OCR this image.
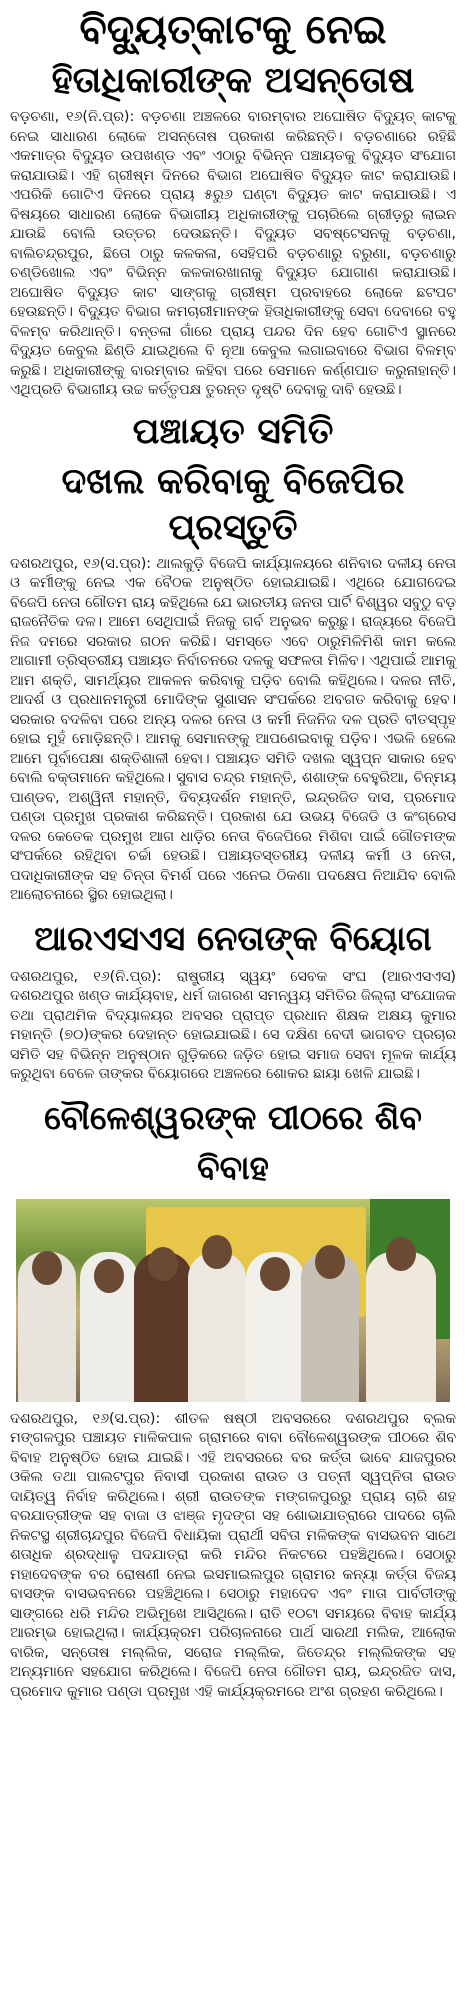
ବିଦ୍ୟୁତ୍‌କାଟକୁ ନେଇ
ହିତାଧିକାରୀଙ୍କ ଅସନ୍ତୋଷ

ବଡ଼ଚଣା, ୧୬(ନି.ପ୍ର): ବଡ଼ଚଣା ଅଞ୍ଚଳରେ ବାରମ୍ବାର ଅଘୋଷିତ ବିଦ୍ୟୁତ୍ କାଟକୁ ନେଇ ସାଧାରଣ ଲୋକେ ଅସନ୍ତୋଷ ପ୍ରକାଶ କରିଛନ୍ତି। ବଡ଼ଚଣାରେ ରହିଛି ଏକମାତ୍ର ବିଦ୍ୟୁତ ଉପଖଣ୍ଡ ଏବଂ ଏଠାରୁ ବିଭିନ୍ନ ପଞ୍ଚାୟତକୁ ବିଦ୍ୟୁତ ସଂଯୋଗ କରାଯାଉଛି। ଏହି ଗ୍ରୀଷ୍ମ ଦିନରେ ବିଭାଗ ଅଘୋଷିତ ବିଦ୍ୟୁତ କାଟ କରାଯାଉଛି। ଏପରିକି ଗୋଟିଏ ଦିନରେ ପ୍ରାୟ ୫ରୁ୬ ଘଣ୍ଟା ବିଦ୍ୟୁତ କାଟ କରାଯାଉଛି। ଏ ବିଷୟରେ ସାଧାରଣ ଲୋକେ ବିଭାଗୀୟ ଅଧିକାରୀଙ୍କୁ ପଚାରିଲେ ଗ୍ରୀଡ଼ରୁ ଲାଇନ ଯାଉଛି ବୋଲି ଉତ୍ତର ଦେଉଛନ୍ତି। ବିଦ୍ୟୁତ ସବଷ୍ଟେସନକୁ ବଡ଼ଚଣା, ବାଲିଚନ୍ଦ୍ରପୁର, ଛିତୋ ଠାରୁ କଳକଳା, ସେହିପରି ବଡ଼ଚଣାରୁ ବରୁଣା, ବଡ଼ଚଣାରୁ ଚଣ୍ଡିଖୋଲ ଏବଂ ବିଭିନ୍ନ କଳକାରଖାନାକୁ ବିଦ୍ୟୁତ ଯୋଗାଣ କରାଯାଉଛି। ଅଘୋଷିତ ବିଦ୍ୟୁତ କାଟ ସାଙ୍ଗକୁ ଗ୍ରୀଷ୍ମ ପ୍ରବାହରେ ଲୋକେ ଛଟପଟ ହେଉଛନ୍ତି। ବିଦ୍ୟୁତ ବିଭାଗ କମଚାରୀମାନଙ୍କ ହିତାଧିକାରୀଙ୍କୁ ସେବା ଦେବାରେ ବହୁ ବିଳମ୍ବ କରିଥାନ୍ତି। ବନ୍ତଳା ଗାଁରେ ପ୍ରାୟ ପନ୍ଦର ଦିନ ହେବ ଗୋଟିଏ ସ୍ଥାନରେ ବିଦ୍ୟୁତ କେବୁଲ ଛିଣ୍ଡି ଯାଇଥିଲେ ବି ନୂଆ କେବୁଲ ଲଗାଇବାରେ ବିଭାଗ ବିଳମ୍ବ କରୁଛି। ଅଧିକାରୀଙ୍କୁ ବାରମ୍ବାର କହିବା ପରେ ସେମାନେ କର୍ଣ୍ଣପାତ କରୁନାହାନ୍ତି। ଏଥିପ୍ରତି ବିଭାଗୀୟ ଉଚ୍ଚ କର୍ତ୍ତୃପକ୍ଷ ତୁରନ୍ତ ଦୃଷ୍ଟି ଦେବାକୁ ଦାବି ହେଉଛି।

ପଞ୍ଚାୟତ ସମିତି
ଦଖଲ କରିବାକୁ ବିଜେପିର ପ୍ରସ୍ତୁତି

ଦଶରଥପୁର, ୧୬(ସ.ପ୍ର): ଥାଲକୁଡ଼ି ବିଜେପି କାର୍ଯ୍ୟାଳୟରେ ଶନିବାର ଦଳୀୟ ନେତା ଓ କର୍ମୀଙ୍କୁ ନେଇ ଏକ ବୈଠକ ଅନୁଷ୍ଠିତ ହୋଇଯାଇଛି। ଏଥିରେ ଯୋଗଦେଇ ବିଜେପି ନେତା ଗୌତମ ରାୟ କହିଥିଲେ ଯେ ଭାରତୀୟ ଜନତା ପାର୍ଟି ବିଶ୍ୱର ସବୁଠୁ ବଡ଼ ରାଜନୈତିକ ଦଳ। ଆମେ ସେଥିପାଇଁ ନିଜକୁ ଗର୍ବ ଅନୁଭବ କରୁଛୁ। ରାଜ୍ୟରେ ବିଜେପି ନିଜ ଦମରେ ସରକାର ଗଠନ କରିଛି। ସମସ୍ତେ ଏବେ ଠାରୁମିଳିମିଶି କାମ କଲେ ଆଗାମୀ ତ୍ରିସ୍ତରୀୟ ପଞ୍ଚାୟତ ନିର୍ବାଚନରେ ଦଳକୁ ସଫଳତା ମିଳିବ। ଏଥିପାଇଁ ଆମକୁ ଆମ ଶକ୍ତି, ସାମର୍ଥ୍ୟର ଆକଳନ କରିବାକୁ ପଡ଼ିବ ବୋଲି କହିଥିଲେ। ଦଳର ନୀତି, ଆଦର୍ଶ ଓ ପ୍ରଧାନମନ୍ତ୍ରୀ ମୋଦିଙ୍କ ସୁଶାସନ ସଂପର୍କରେ ଅବଗତ କରିବାକୁ ହେବ। ସରକାର ବଦଳିବା ପରେ ଅନ୍ୟ ଦଳର ନେତା ଓ କର୍ମୀ ନିଜନିଜ ଦଳ ପ୍ରତି ବୀତସ୍ପୃହ ହୋଇ ମୁହଁ ମୋଡ଼ିଛନ୍ତି। ଆମକୁ ସେମାନଙ୍କୁ ଆପଣେଇବାକୁ ପଡ଼ିବ। ଏଭଳି ହେଲେ ଆମେ ପୂର୍ବାପେକ୍ଷା ଶକ୍ତିଶାଳୀ ହେବା। ପଞ୍ଚାୟତ ସମିତି ଦଖଲ ସ୍ୱପ୍ନ ସାକାର ହେବ ବୋଲି ବକ୍ତାମାନେ କହିଥିଲେ। ସୁବାସ ଚନ୍ଦ୍ର ମହାନ୍ତି, ଶଶାଙ୍କ ବେହୁରିଆ, ଚିନ୍ମୟ ପାଣ୍ଡବ, ଅଶ୍ୱିନୀ ମହାନ୍ତି, ଦିବ୍ୟଦର୍ଶନ ମହାନ୍ତି, ଇନ୍ଦ୍ରଜିତ ଦାସ, ପ୍ରମୋଦ ପଣ୍ଡା ପ୍ରମୁଖ ପ୍ରକାଶ କରିଛନ୍ତି। ପ୍ରକାଶ ଯେ ଉଭୟ ବିଜେଡି ଓ କଂଗ୍ରେସ ଦଳର କେତେକ ପ୍ରମୁଖ ଆଗ ଧାଡ଼ିର ନେତା ବିଜେପିରେ ମିଶିବା ପାଇଁ ଗୌତମଙ୍କ ସଂପର୍କରେ ରହିଥିବା ଚର୍ଚ୍ଚା ହେଉଛି। ପଞ୍ଚାୟତସ୍ତରୀୟ ଦଳୀୟ କର୍ମୀ ଓ ନେତା, ପଦାଧିକାରୀଙ୍କ ସହ ଚିନ୍ତା ବିମର୍ଶ ପରେ ଏନେଇ ଠିକଣା ପଦକ୍ଷେପ ନିଆଯିବ ବୋଲି ଆଲୋଚନାରେ ସ୍ଥିର ହୋଇଥିଲା।

ଆରଏସଏସ ନେତାଙ୍କ ବିୟୋଗ

ଦଶରଥପୁର, ୧୬(ନି.ପ୍ର): ରାଷ୍ଟ୍ରୀୟ ସ୍ୱୟଂ ସେବକ ସଂଘ (ଆରଏସଏସ) ଦଶରଥପୁର ଖଣ୍ଡ କାର୍ଯ୍ୟବାହ, ଧର୍ମ ଜାଗରଣ ସମନ୍ୱୟ ସମିତିର ଜିଲ୍ଲା ସଂଯୋଜକ ତଥା ପ୍ରାଥମିକ ବିଦ୍ୟାଳୟର ଅବସର ପ୍ରାପ୍ତ ପ୍ରଧାନ ଶିକ୍ଷକ ଅକ୍ଷୟ କୁମାର ମହାନ୍ତି (୭୦)ଙ୍କର ଦେହାନ୍ତ ହୋଇଯାଇଛି। ସେ ଦକ୍ଷିଣ ବେଦୀ ଭାଗବତ ପ୍ରଚାର ସମିତି ସହ ବିଭିନ୍ନ ଅନୁଷ୍ଠାନ ଗୁଡ଼ିକରେ ଜଡ଼ିତ ହୋଇ ସମାଜ ସେବା ମୂଳକ କାର୍ଯ୍ୟ କରୁଥିବା ବେଳେ ତାଙ୍କର ବିୟୋଗରେ ଅଞ୍ଚଳରେ ଶୋକର ଛାୟା ଖେଳି ଯାଇଛି।

ବୌଳେଶ୍ୱରଙ୍କ ପୀଠରେ ଶିବ ବିବାହ

ଦଶରଥପୁର, ୧୬(ସ.ପ୍ର): ଶୀତଳ ଷଷ୍ଠୀ ଅବସରରେ ଦଶରଥପୁର ବ୍ଲକ ମଙ୍ଗଳପୁର ପଞ୍ଚାୟତ ମାଳିକପାଳ ଗ୍ରାମରେ ବାବା ବୌଳେଶ୍ୱରଙ୍କ ପୀଠରେ ଶିବ ବିବାହ ଅନୁଷ୍ଠିତ ହୋଇ ଯାଇଛି। ଏହି ଅବସରରେ ବର କର୍ତ୍ତା ଭାବେ ଯାଜପୁରର ଓକିଲ ତଥା ପାଲଟପୁର ନିବାସୀ ପ୍ରକାଶ ରାଉତ ଓ ପତ୍ନୀ ସ୍ୱପ୍ନିତା ରାଉତ ଦାୟିତ୍ୱ ନିର୍ବାହ କରିଥିଲେ। ଶ୍ରୀ ରାଉତଙ୍କ ମଙ୍ଗଳପୁରରୁ ପ୍ରାୟ ଚାରି ଶହ ବରଯାତ୍ରୀଙ୍କ ସହ ବାଜା ଓ ଝାଞ୍ଜ ମୃଦଙ୍ଗ ସହ ଶୋଭାଯାତ୍ରାରେ ପାଦରେ ଚାଲି ନିକଟସ୍ଥ ଶ୍ରୀଚାନ୍ଦପୁର ବିଜେପି ବିଧାୟିକା ପ୍ରାର୍ଥୀ ସବିତା ମଳିକଙ୍କ ବାସଭବନ ସାଥେ ଶତାଧିକ ଶ୍ରଦ୍ଧାଳୁ ପଦଯାତ୍ରା କରି ମନ୍ଦିର ନିକଟରେ ପହଞ୍ଚିଥିଲେ। ସେଠାରୁ ମହାଦେବଙ୍କ ବର ରୋଷଣୀ ନେଇ ଇସମାଇଲପୁର ଗ୍ରାମର କନ୍ୟା କର୍ତ୍ତା ବିଜୟ ବାସଙ୍କ ବାସଭବନରେ ପହଞ୍ଚିଥିଲେ। ସେଠାରୁ ମହାଦେବ ଏବଂ ମାତା ପାର୍ବତୀଙ୍କୁ ସାଙ୍ଗରେ ଧରି ମନ୍ଦିର ଅଭିମୁଖେ ଆସିଥିଲେ। ରାତି ୧୦ଟା ସମୟରେ ବିବାହ କାର୍ଯ୍ୟ ଆରମ୍ଭ ହୋଇଥିଲା। କାର୍ଯ୍ୟକ୍ରମ ପରିଚାଳନାରେ ପାର୍ଥ ସାରଥୀ ମଲିକ, ଆଲୋକ ବାରିକ, ସନ୍ତୋଷ ମଲ୍ଲିକ, ସରୋଜ ମଲ୍ଲିକ, ଜିତେନ୍ଦ୍ର ମଲ୍ଲିକଙ୍କ ସହ ଅନ୍ୟମାନେ ସହଯୋଗ କରିଥିଲେ। ବିଜେପି ନେତା ଗୌତମ ରାୟ, ଇନ୍ଦ୍ରଜିତ ଦାସ, ପ୍ରମୋଦ କୁମାର ପଣ୍ଡା ପ୍ରମୁଖ ଏହି କାର୍ଯ୍ୟକ୍ରମରେ ଅଂଶ ଗ୍ରହଣ କରିଥିଲେ।
